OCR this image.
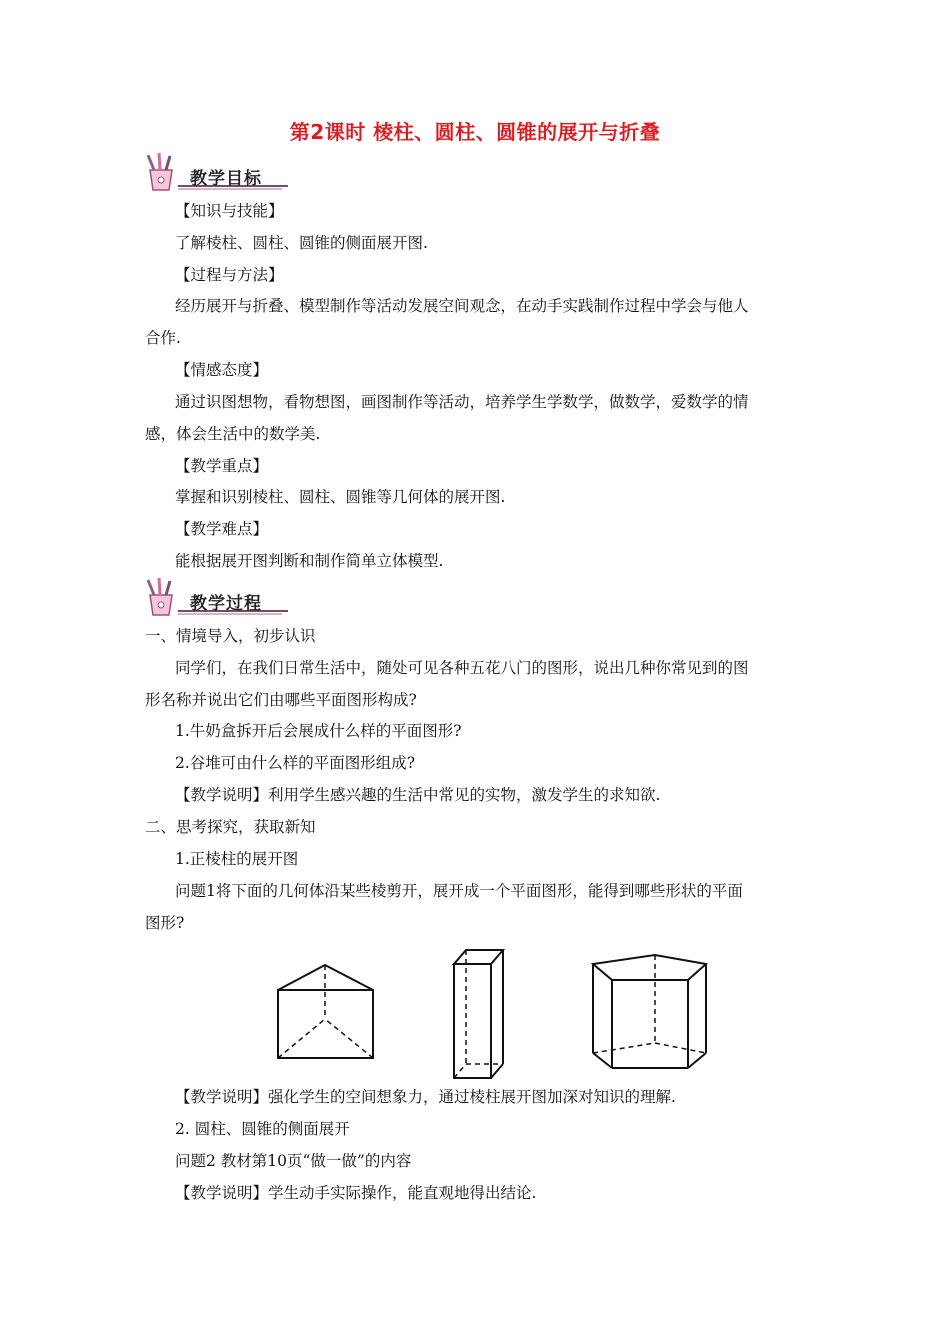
第2课时 棱柱、圆柱、圆锥的展开与折叠
教学目标
【知识与技能】
了解棱柱、圆柱、圆锥的侧面展开图.
【过程与方法】
经历展开与折叠、模型制作等活动发展空间观念，在动手实践制作过程中学会与他人
合作.
【情感态度】
通过识图想物，看物想图，画图制作等活动，培养学生学数学，做数学，爱数学的情
感，体会生活中的数学美.
【教学重点】
掌握和识别棱柱、圆柱、圆锥等几何体的展开图.
【教学难点】
能根据展开图判断和制作简单立体模型.
教学过程
一、情境导入，初步认识
同学们，在我们日常生活中，随处可见各种五花八门的图形，说出几种你常见到的图
形名称并说出它们由哪些平面图形构成?
1.牛奶盒拆开后会展成什么样的平面图形?
2.谷堆可由什么样的平面图形组成?
【教学说明】利用学生感兴趣的生活中常见的实物，激发学生的求知欲.
二、思考探究，获取新知
1.正棱柱的展开图
问题1将下面的几何体沿某些棱剪开，展开成一个平面图形，能得到哪些形状的平面
图形?
【教学说明】强化学生的空间想象力，通过棱柱展开图加深对知识的理解.
2. 圆柱、圆锥的侧面展开
问题2 教材第10页“做一做”的内容
【教学说明】学生动手实际操作，能直观地得出结论.
